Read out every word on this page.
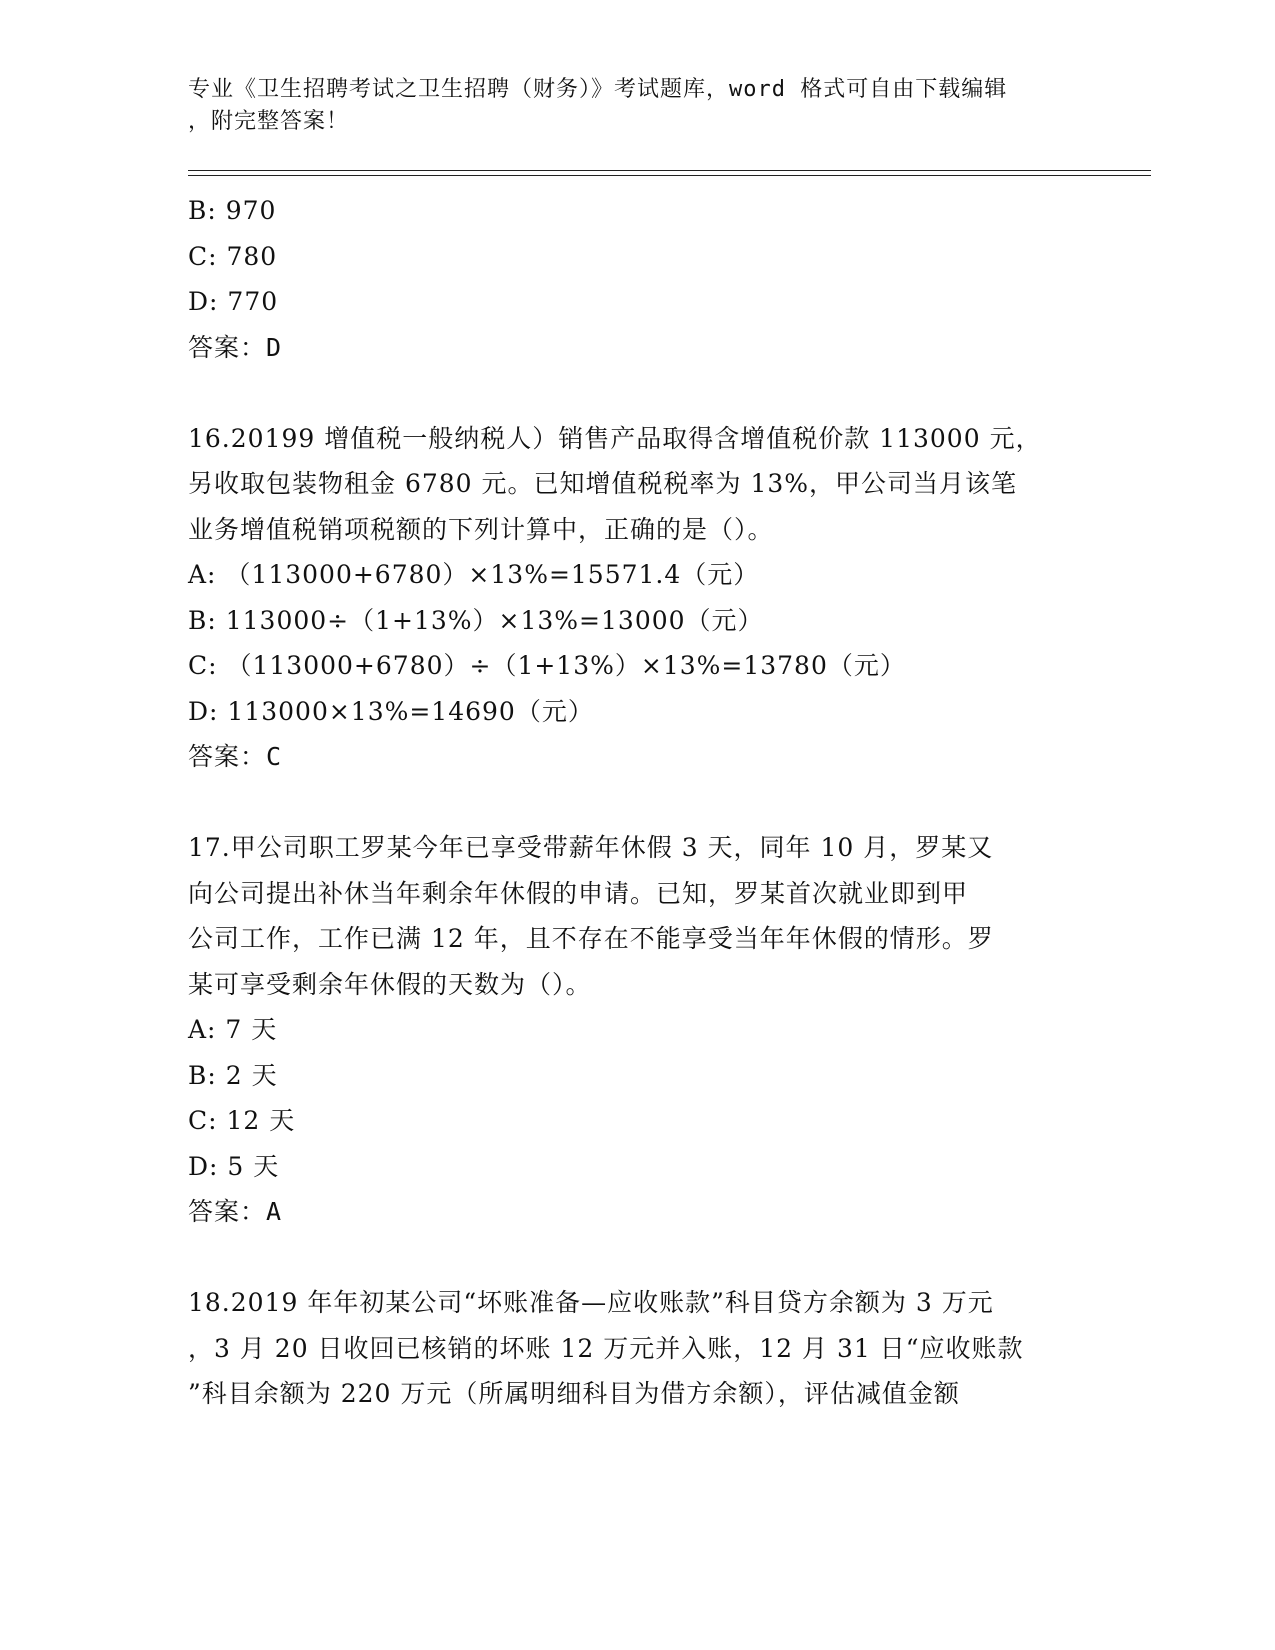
专业《卫生招聘考试之卫生招聘（财务）》考试题库，word 格式可自由下载编辑
，附完整答案！
B: 970
C: 780
D: 770
答案：D
16.20199 增值税一般纳税人）销售产品取得含增值税价款 113000 元，
另收取包装物租金 6780 元。已知增值税税率为 13%，甲公司当月该笔
业务增值税销项税额的下列计算中，正确的是（）。
A: （113000+6780）×13%=15571.4（元）
B: 113000÷（1+13%）×13%=13000（元）
C: （113000+6780）÷（1+13%）×13%=13780（元）
D: 113000×13%=14690（元）
答案：C
17.甲公司职工罗某今年已享受带薪年休假 3 天，同年 10 月，罗某又
向公司提出补休当年剩余年休假的申请。已知，罗某首次就业即到甲
公司工作，工作已满 12 年，且不存在不能享受当年年休假的情形。罗
某可享受剩余年休假的天数为（）。
A: 7 天
B: 2 天
C: 12 天
D: 5 天
答案：A
18.2019 年年初某公司“坏账准备—应收账款”科目贷方余额为 3 万元
，3 月 20 日收回已核销的坏账 12 万元并入账，12 月 31 日“应收账款
”科目余额为 220 万元（所属明细科目为借方余额），评估减值金额
